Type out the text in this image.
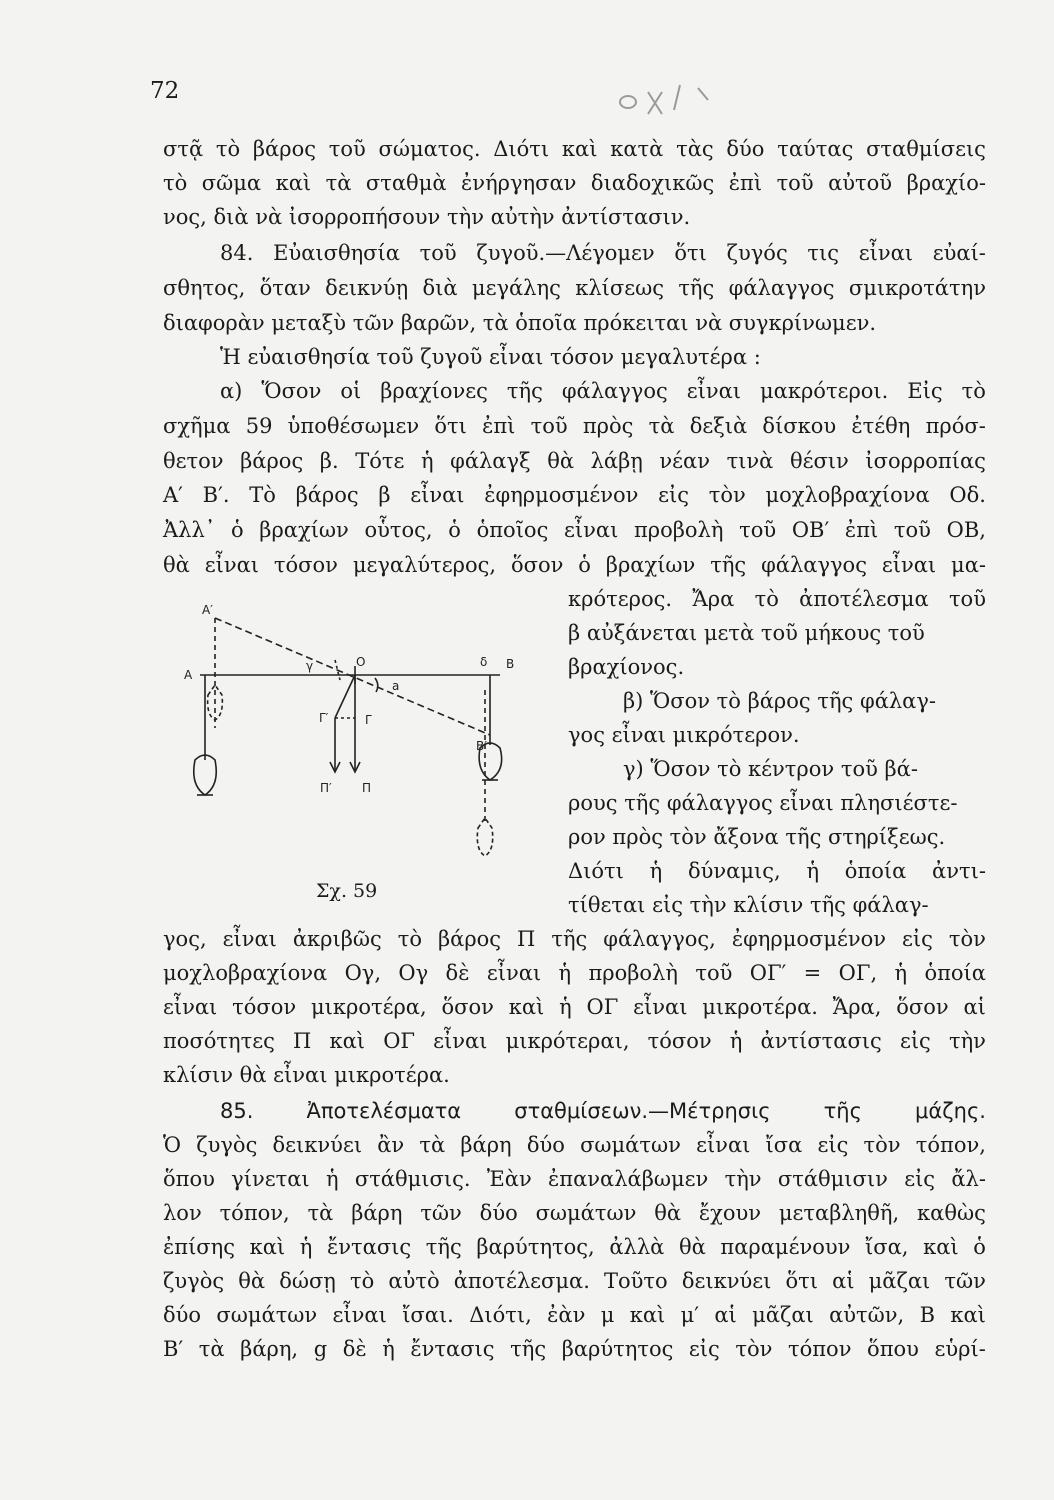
72
ολ\
στᾷ τὸ βάρος τοῦ σώματος. Διότι καὶ κατὰ τὰς δύο ταύτας σταθμίσεις
τὸ σῶμα καὶ τὰ σταθμὰ ἐνήργησαν διαδοχικῶς ἐπὶ τοῦ αὐτοῦ βραχίο-
νος, διὰ νὰ ἰσορροπήσουν τὴν αὐτὴν ἀντίστασιν.
84. Εὐαισθησία τοῦ ζυγοῦ.—Λέγομεν ὅτι ζυγός τις εἶναι εὐαί-
σθητος, ὅταν δεικνύῃ διὰ μεγάλης κλίσεως τῆς φάλαγγος σμικροτάτην
διαφορὰν μεταξὺ τῶν βαρῶν, τὰ ὁποῖα πρόκειται νὰ συγκρίνωμεν.
Ἡ εὐαισθησία τοῦ ζυγοῦ εἶναι τόσον μεγαλυτέρα :
α) Ὅσον οἱ βραχίονες τῆς φάλαγγος εἶναι μακρότεροι. Εἰς τὸ
σχῆμα 59 ὑποθέσωμεν ὅτι ἐπὶ τοῦ πρὸς τὰ δεξιὰ δίσκου ἐτέθη πρόσ-
θετον βάρος β. Τότε ἡ φάλαγξ θὰ λάβῃ νέαν τινὰ θέσιν ἰσορροπίας
Α′ Β′. Τὸ βάρος β εἶναι ἐφηρμοσμένον εἰς τὸν μοχλοβραχίονα Οδ.
Ἀλλ᾽ ὁ βραχίων οὗτος, ὁ ὁποῖος εἶναι προβολὴ τοῦ ΟΒ′ ἐπὶ τοῦ ΟΒ,
θὰ εἶναι τόσον μεγαλύτερος, ὅσον ὁ βραχίων τῆς φάλαγγος εἶναι μα-
A′
A
γ	O	δ B
a
Γ′	Γ
B′
Π′	Π
Σχ. 59
κρότερος. Ἄρα τὸ ἀποτέλεσμα τοῦ
β αὐξάνεται μετὰ τοῦ μήκους τοῦ
βραχίονος.
β) Ὅσον τὸ βάρος τῆς φάλαγ-
γος εἶναι μικρότερον.
γ) Ὅσον τὸ κέντρον τοῦ βά-
ρους τῆς φάλαγγος εἶναι πλησιέστε-
ρον πρὸς τὸν ἄξονα τῆς στηρίξεως.
Διότι ἡ δύναμις, ἡ ὁποία ἀντι-
τίθεται εἰς τὴν κλίσιν τῆς φάλαγ-
γος, εἶναι ἀκριβῶς τὸ βάρος Π τῆς φάλαγγος, ἐφηρμοσμένον εἰς τὸν
μοχλοβραχίονα Ογ, Ογ δὲ εἶναι ἡ προβολὴ τοῦ ΟΓ′ = ΟΓ, ἡ ὁποία
εἶναι τόσον μικροτέρα, ὅσον καὶ ἡ ΟΓ εἶναι μικροτέρα. Ἄρα, ὅσον αἱ
ποσότητες Π καὶ ΟΓ εἶναι μικρότεραι, τόσον ἡ ἀντίστασις εἰς τὴν
κλίσιν θὰ εἶναι μικροτέρα.
85.	Ἀποτελέσματα	σταθμίσεων.—Μέτρησις	τῆς	μάζης.
Ὁ ζυγὸς δεικνύει ἂν τὰ βάρη δύο σωμάτων εἶναι ἴσα εἰς τὸν τόπον,
ὅπου γίνεται ἡ στάθμισις. Ἐὰν ἐπαναλάβωμεν τὴν στάθμισιν εἰς ἄλ-
λον τόπον, τὰ βάρη τῶν δύο σωμάτων θὰ ἔχουν μεταβληθῆ, καθὼς
ἐπίσης καὶ ἡ ἔντασις τῆς βαρύτητος, ἀλλὰ θὰ παραμένουν ἴσα, καὶ ὁ
ζυγὸς θὰ δώσῃ τὸ αὐτὸ ἀποτέλεσμα. Τοῦτο δεικνύει ὅτι αἱ μᾶζαι τῶν
δύο σωμάτων εἶναι ἴσαι. Διότι, ἐὰν μ καὶ μ′ αἱ μᾶζαι αὐτῶν, Β καὶ
Β′ τὰ βάρη, g δὲ ἡ ἔντασις τῆς βαρύτητος εἰς τὸν τόπον ὅπου εὑρί-
